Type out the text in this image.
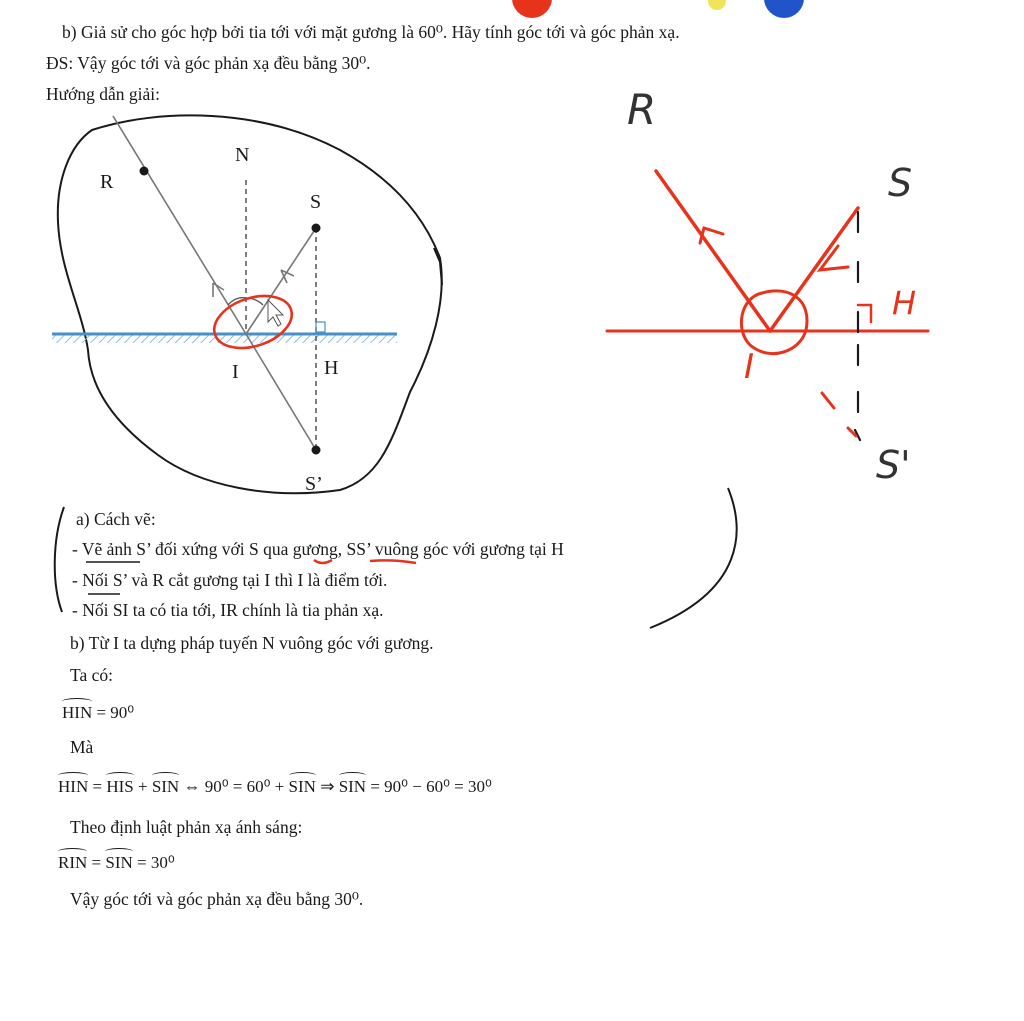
b) Giả sử cho góc hợp bởi tia tới với mặt gương là 60⁰. Hãy tính góc tới và góc phản xạ.
ĐS: Vậy góc tới và góc phản xạ đều bằng 30⁰.
Hướng dẫn giải:
R
N
S
I	H
S’
R
S
H
I
S'
a) Cách vẽ:
- Vẽ ảnh S’ đối xứng với S qua gương, SS’ vuông góc với gương tại H
- Nối S’ và R cắt gương tại I thì I là điểm tới.
- Nối SI ta có tia tới, IR chính là tia phản xạ.
b) Từ I ta dựng pháp tuyến N vuông góc với gương.
Ta có:
HIN = 90⁰
Mà
HIN = HIS + SIN ⇔ 90⁰ = 60⁰ + SIN ⇒ SIN = 90⁰ − 60⁰ = 30⁰
Theo định luật phản xạ ánh sáng:
RIN = SIN = 30⁰
Vậy góc tới và góc phản xạ đều bằng 30⁰.
